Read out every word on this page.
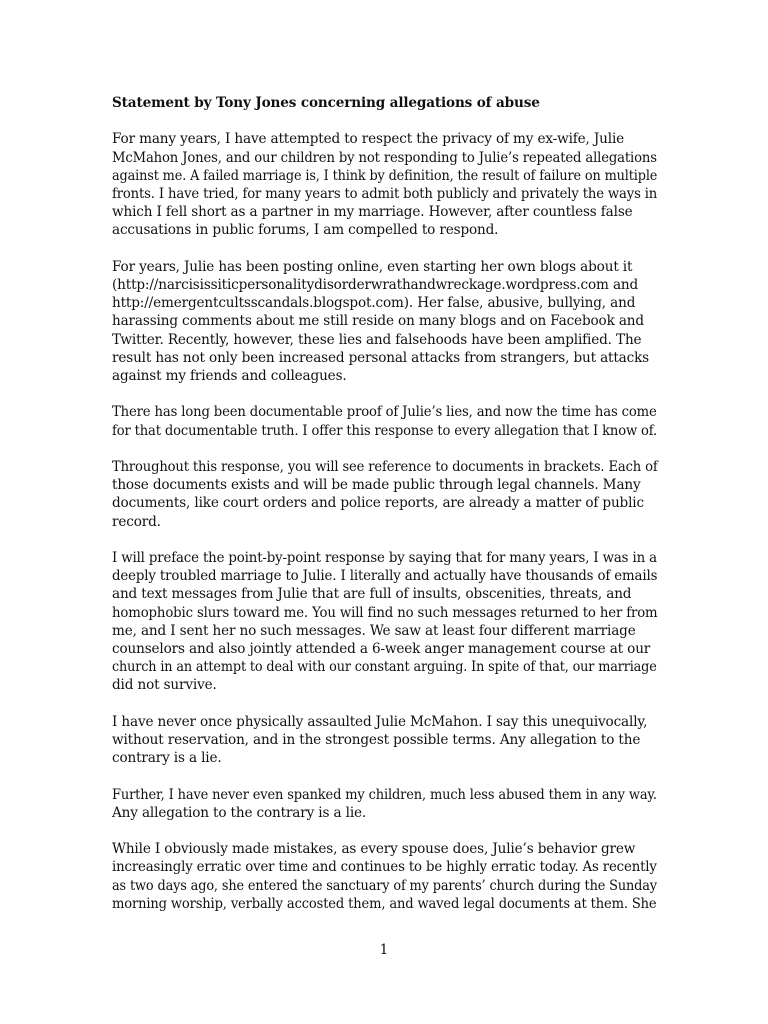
Statement by Tony Jones concerning allegations of abuse
For many years, I have attempted to respect the privacy of my ex-wife, Julie
McMahon Jones, and our children by not responding to Julie’s repeated allegations
against me. A failed marriage is, I think by definition, the result of failure on multiple
fronts. I have tried, for many years to admit both publicly and privately the ways in
which I fell short as a partner in my marriage. However, after countless false
accusations in public forums, I am compelled to respond.
For years, Julie has been posting online, even starting her own blogs about it
(http://narcisissiticpersonalitydisorderwrathandwreckage.wordpress.com and
http://emergentcultsscandals.blogspot.com). Her false, abusive, bullying, and
harassing comments about me still reside on many blogs and on Facebook and
Twitter. Recently, however, these lies and falsehoods have been amplified. The
result has not only been increased personal attacks from strangers, but attacks
against my friends and colleagues.
There has long been documentable proof of Julie’s lies, and now the time has come
for that documentable truth. I offer this response to every allegation that I know of.
Throughout this response, you will see reference to documents in brackets. Each of
those documents exists and will be made public through legal channels. Many
documents, like court orders and police reports, are already a matter of public
record.
I will preface the point-by-point response by saying that for many years, I was in a
deeply troubled marriage to Julie. I literally and actually have thousands of emails
and text messages from Julie that are full of insults, obscenities, threats, and
homophobic slurs toward me. You will find no such messages returned to her from
me, and I sent her no such messages. We saw at least four different marriage
counselors and also jointly attended a 6-week anger management course at our
church in an attempt to deal with our constant arguing. In spite of that, our marriage
did not survive.
I have never once physically assaulted Julie McMahon. I say this unequivocally,
without reservation, and in the strongest possible terms. Any allegation to the
contrary is a lie.
Further, I have never even spanked my children, much less abused them in any way.
Any allegation to the contrary is a lie.
While I obviously made mistakes, as every spouse does, Julie’s behavior grew
increasingly erratic over time and continues to be highly erratic today. As recently
as two days ago, she entered the sanctuary of my parents’ church during the Sunday
morning worship, verbally accosted them, and waved legal documents at them. She
1
